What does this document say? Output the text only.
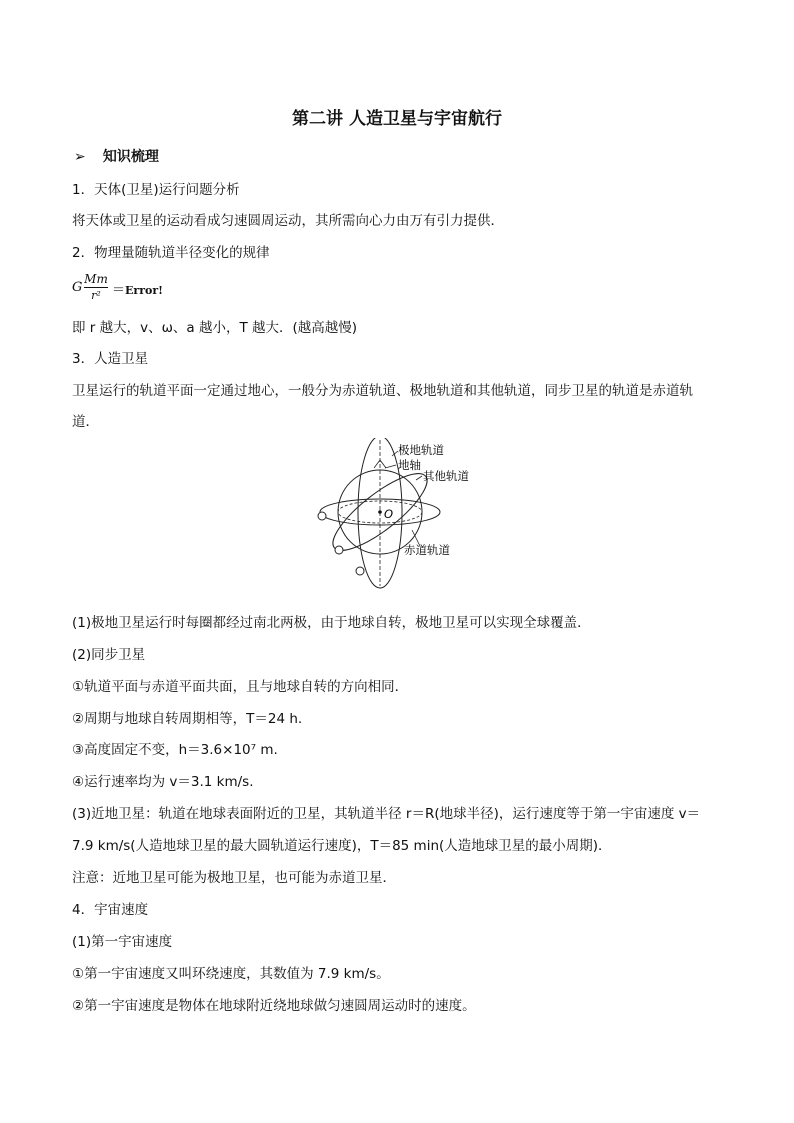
第二讲 人造卫星与宇宙航行
➢ 知识梳理

1．天体(卫星)运行问题分析

将天体或卫星的运动看成匀速圆周运动，其所需向心力由万有引力提供．

2．物理量随轨道半径变化的规律

G
Mm
r² ＝Error!

即 r 越大，v、ω、a 越小，T 越大．(越高越慢)

3．人造卫星

卫星运行的轨道平面一定通过地心，一般分为赤道轨道、极地轨道和其他轨道，同步卫星的轨道是赤道轨

道．

极地轨道
地轴
其他轨道
O
赤道轨道

(1)极地卫星运行时每圈都经过南北两极，由于地球自转，极地卫星可以实现全球覆盖．

(2)同步卫星

①轨道平面与赤道平面共面，且与地球自转的方向相同．

②周期与地球自转周期相等，T＝24 h.

③高度固定不变，h＝3.6×10⁷ m.

④运行速率均为 v＝3.1 km/s.

(3)近地卫星：轨道在地球表面附近的卫星，其轨道半径 r＝R(地球半径)，运行速度等于第一宇宙速度 v＝

7.9 km/s(人造地球卫星的最大圆轨道运行速度)，T＝85 min(人造地球卫星的最小周期)．

注意：近地卫星可能为极地卫星，也可能为赤道卫星．

4．宇宙速度

(1)第一宇宙速度

①第一宇宙速度又叫环绕速度，其数值为 7.9 km/s。

②第一宇宙速度是物体在地球附近绕地球做匀速圆周运动时的速度。
